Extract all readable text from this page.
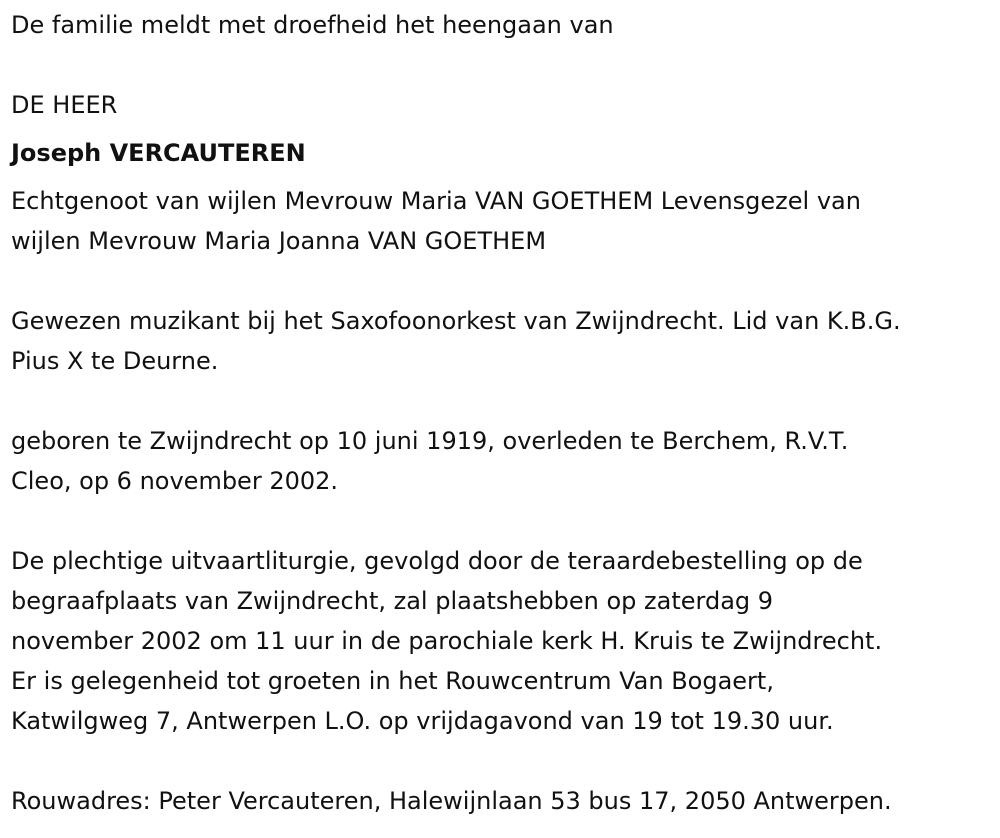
De familie meldt met droefheid het heengaan van

DE HEER

Joseph VERCAUTEREN

Echtgenoot van wijlen Mevrouw Maria VAN GOETHEM Levensgezel van

wijlen Mevrouw Maria Joanna VAN GOETHEM

Gewezen muzikant bij het Saxofoonorkest van Zwijndrecht. Lid van K.B.G.

Pius X te Deurne.

geboren te Zwijndrecht op 10 juni 1919, overleden te Berchem, R.V.T.

Cleo, op 6 november 2002.

De plechtige uitvaartliturgie, gevolgd door de teraardebestelling op de

begraafplaats van Zwijndrecht, zal plaatshebben op zaterdag 9

november 2002 om 11 uur in de parochiale kerk H. Kruis te Zwijndrecht.

Er is gelegenheid tot groeten in het Rouwcentrum Van Bogaert,

Katwilgweg 7, Antwerpen L.O. op vrijdagavond van 19 tot 19.30 uur.

Rouwadres: Peter Vercauteren, Halewijnlaan 53 bus 17, 2050 Antwerpen.
